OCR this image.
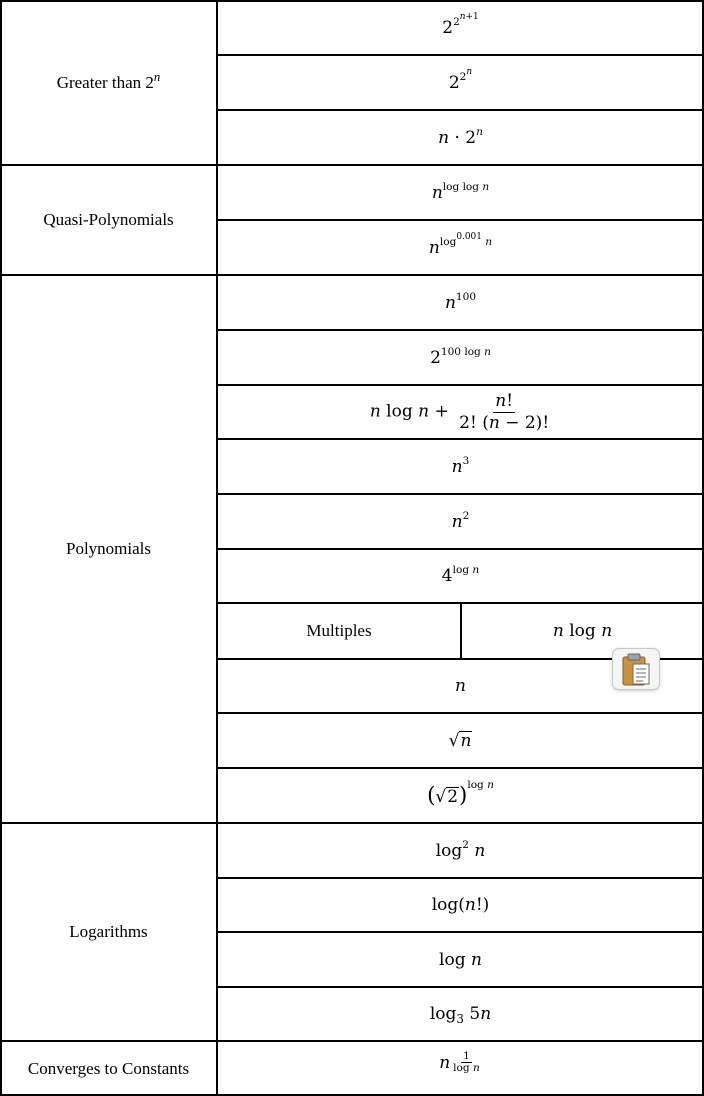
Greater than 2$^n$
Quasi-Polynomials
Polynomials
Logarithms
Converges to Constants
$2^{2^{n+1}}$
$2^{2^n}$
$n \cdot 2^n$
$n^{log log n}$
$n^{log^{0.001} n}$
$n^{100}$
$2^{100 log n}$
n $\log n + \frac{n!}{2! (n - 2)!}$
$n^3$
$n^2$
$4^{log n}$
Multiples	n log n
n
√ n
( √ 2 )$^{log n}$
$\log^2 n$
log(n!)
log n
$\log_3 5n$
n $\frac{1}{\text{log n}}$
